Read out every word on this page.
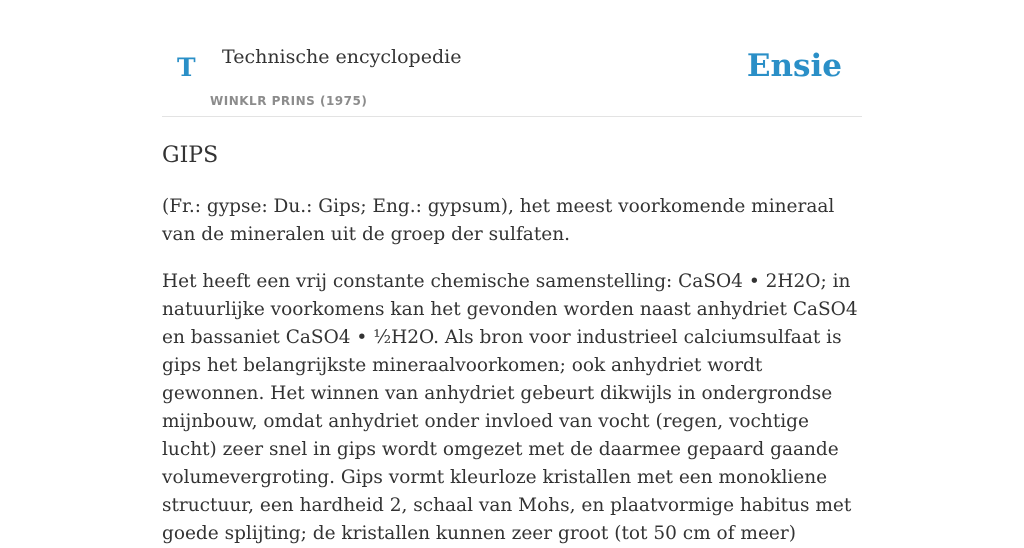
T Technische encyclopedie
WINKLR PRINS (1975)
Ensie
GIPS

(Fr.: gypse: Du.: Gips; Eng.: gypsum), het meest voorkomende mineraal van de mineralen uit de groep der sulfaten.

Het heeft een vrij constante chemische samenstelling: CaSO4 • 2H2O; in natuurlijke voorkomens kan het gevonden worden naast anhydriet CaSO4 en bassaniet CaSO4 • ½H2O. Als bron voor industrieel calciumsulfaat is gips het belangrijkste mineraalvoorkomen; ook anhydriet wordt gewonnen. Het winnen van anhydriet gebeurt dikwijls in ondergrondse mijnbouw, omdat anhydriet onder invloed van vocht (regen, vochtige lucht) zeer snel in gips wordt omgezet met de daarmee gepaard gaande volumevergroting. Gips vormt kleurloze kristallen met een monokliene structuur, een hardheid 2, schaal van Mohs, en plaatvormige habitus met goede splijting; de kristallen kunnen zeer groot (tot 50 cm of meer)
